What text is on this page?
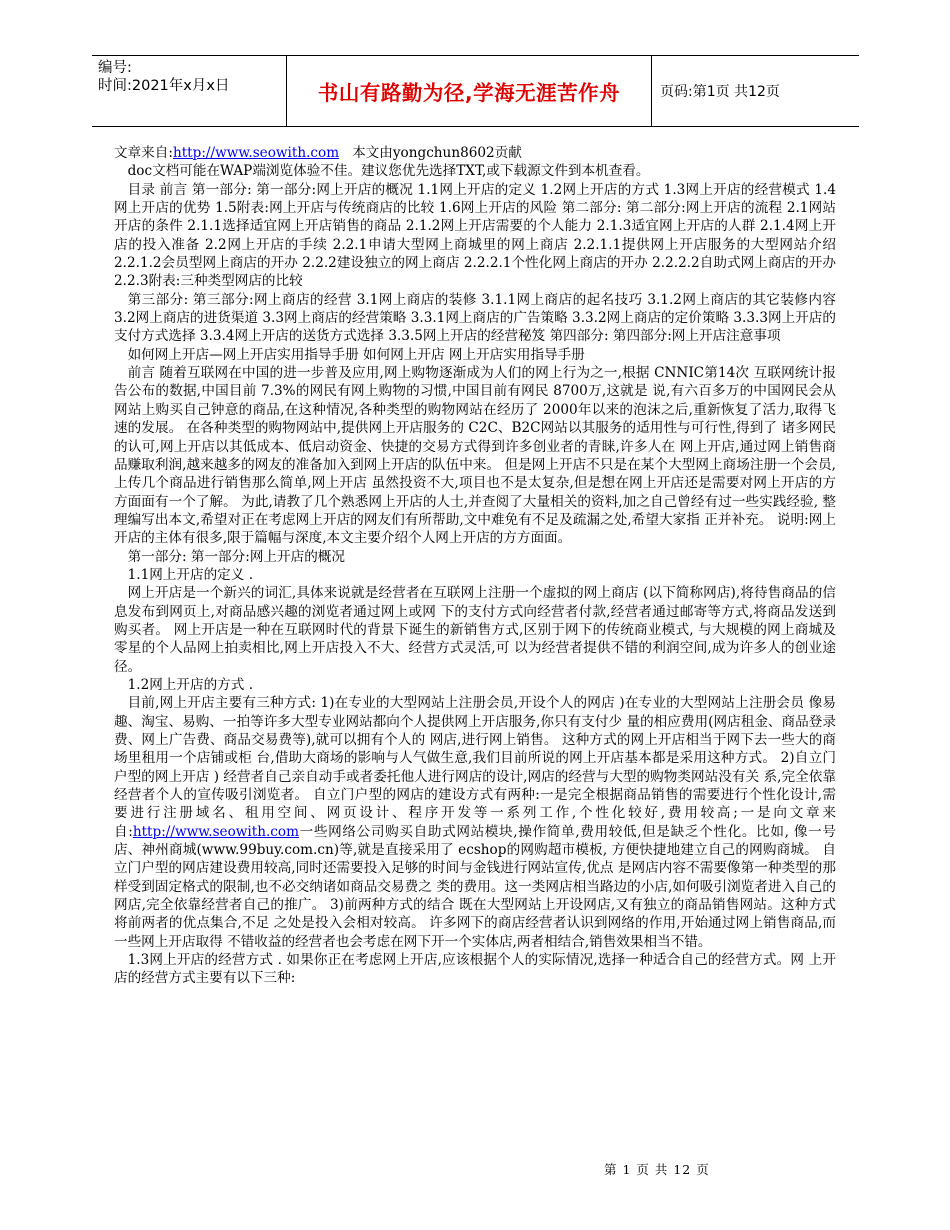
编号:
时间:2021年x月x日	书山有路勤为径,学海无涯苦作舟	页码:第1页 共12页

文章来自:http://www.seowith.com   本文由yongchun8602贡献

doc文档可能在WAP端浏览体验不佳。建议您优先选择TXT,或下载源文件到本机查看。

目录 前言 第一部分: 第一部分:网上开店的概况 1.1网上开店的定义 1.2网上开店的方式 1.3网上开店的经营模式 1.4网上开店的优势 1.5附表:网上开店与传统商店的比较 1.6网上开店的风险 第二部分: 第二部分:网上开店的流程 2.1网站开店的条件 2.1.1选择适宜网上开店销售的商品 2.1.2网上开店需要的个人能力 2.1.3适宜网上开店的人群 2.1.4网上开店的投入准备 2.2网上开店的手续 2.2.1申请大型网上商城里的网上商店 2.2.1.1提供网上开店服务的大型网站介绍 2.2.1.2会员型网上商店的开办 2.2.2建设独立的网上商店 2.2.2.1个性化网上商店的开办 2.2.2.2自助式网上商店的开办 2.2.3附表:三种类型网店的比较

第三部分: 第三部分:网上商店的经营 3.1网上商店的装修 3.1.1网上商店的起名技巧 3.1.2网上商店的其它装修内容 3.2网上商店的进货渠道 3.3网上商店的经营策略 3.3.1网上商店的广告策略 3.3.2网上商店的定价策略 3.3.3网上开店的支付方式选择 3.3.4网上开店的送货方式选择 3.3.5网上开店的经营秘笈 第四部分: 第四部分:网上开店注意事项

如何网上开店—网上开店实用指导手册 如何网上开店 网上开店实用指导手册

前言 随着互联网在中国的进一步普及应用,网上购物逐渐成为人们的网上行为之一,根据 CNNIC第14次 互联网统计报告公布的数据,中国目前 7.3%的网民有网上购物的习惯,中国目前有网民 8700万,这就是 说,有六百多万的中国网民会从网站上购买自己钟意的商品,在这种情况,各种类型的购物网站在经历了 2000年以来的泡沫之后,重新恢复了活力,取得飞速的发展。 在各种类型的购物网站中,提供网上开店服务的 C2C、B2C网站以其服务的适用性与可行性,得到了 诸多网民的认可,网上开店以其低成本、低启动资金、快捷的交易方式得到许多创业者的青睐,许多人在 网上开店,通过网上销售商品赚取利润,越来越多的网友的准备加入到网上开店的队伍中来。 但是网上开店不只是在某个大型网上商场注册一个会员,上传几个商品进行销售那么简单,网上开店 虽然投资不大,项目也不是太复杂,但是想在网上开店还是需要对网上开店的方方面面有一个了解。 为此,请教了几个熟悉网上开店的人士,并查阅了大量相关的资料,加之自己曾经有过一些实践经验, 整理编写出本文,希望对正在考虑网上开店的网友们有所帮助,文中难免有不足及疏漏之处,希望大家指 正并补充。 说明:网上开店的主体有很多,限于篇幅与深度,本文主要介绍个人网上开店的方方面面。

第一部分: 第一部分:网上开店的概况

1.1网上开店的定义 .

网上开店是一个新兴的词汇,具体来说就是经营者在互联网上注册一个虚拟的网上商店 (以下简称网店),将待售商品的信息发布到网页上,对商品感兴趣的浏览者通过网上或网 下的支付方式向经营者付款,经营者通过邮寄等方式,将商品发送到购买者。 网上开店是一种在互联网时代的背景下诞生的新销售方式,区别于网下的传统商业模式, 与大规模的网上商城及零星的个人品网上拍卖相比,网上开店投入不大、经营方式灵活,可 以为经营者提供不错的利润空间,成为许多人的创业途径。

1.2网上开店的方式 .

目前,网上开店主要有三种方式: 1)在专业的大型网站上注册会员,开设个人的网店 )在专业的大型网站上注册会员 像易趣、淘宝、易购、一拍等许多大型专业网站都向个人提供网上开店服务,你只有支付少 量的相应费用(网店租金、商品登录费、网上广告费、商品交易费等),就可以拥有个人的 网店,进行网上销售。 这种方式的网上开店相当于网下去一些大的商场里租用一个店铺或柜 台,借助大商场的影响与人气做生意,我们目前所说的网上开店基本都是采用这种方式。 2)自立门户型的网上开店 ) 经营者自己亲自动手或者委托他人进行网店的设计,网店的经营与大型的购物类网站没有关 系,完全依靠经营者个人的宣传吸引浏览者。 自立门户型的网店的建设方式有两种:一是完全根据商品销售的需要进行个性化设计,需 要进行注册域名、租用空间、网页设计、程序开发等一系列工作,个性化较好,费用较高;一是向文章来自:http://www.seowith.com一些网络公司购买自助式网站模块,操作简单,费用较低,但是缺乏个性化。比如, 像一号店、神州商城(www.99buy.com.cn)等,就是直接采用了 ecshop的网购超市模板, 方便快捷地建立自己的网购商城。 自立门户型的网店建设费用较高,同时还需要投入足够的时间与金钱进行网站宣传,优点 是网店内容不需要像第一种类型的那样受到固定格式的限制,也不必交纳诸如商品交易费之 类的费用。这一类网店相当路边的小店,如何吸引浏览者进入自己的网店,完全依靠经营者自己的推广。 3)前两种方式的结合 既在大型网站上开设网店,又有独立的商品销售网站。这种方式将前两者的优点集合,不足 之处是投入会相对较高。 许多网下的商店经营者认识到网络的作用,开始通过网上销售商品,而一些网上开店取得 不错收益的经营者也会考虑在网下开一个实体店,两者相结合,销售效果相当不错。

1.3网上开店的经营方式 . 如果你正在考虑网上开店,应该根据个人的实际情况,选择一种适合自己的经营方式。网 上开店的经营方式主要有以下三种:

第 1 页 共 12 页
